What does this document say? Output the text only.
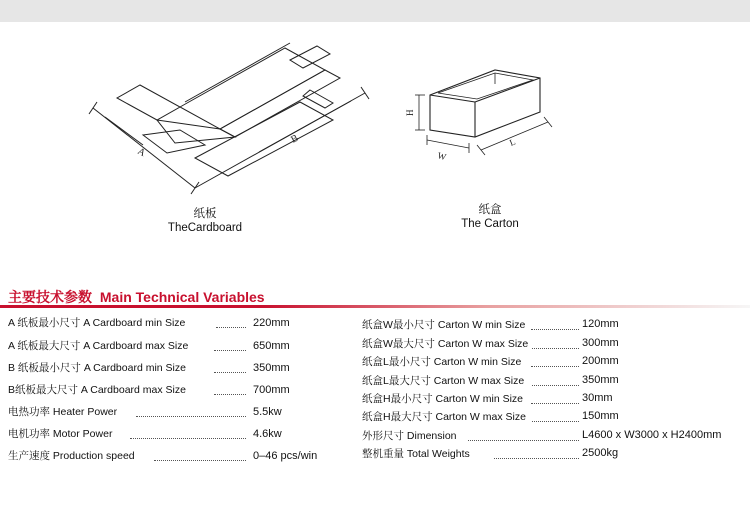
A
B
纸板
TheCardboard
H
W
L
纸盒
The Carton
主要技术参数 Main Technical Variables
A 纸板最小尺寸 A Cardboard min Size	220mm
A 纸板最大尺寸 A Cardboard max Size	650mm
B 纸板最小尺寸 A Cardboard min Size	350mm
B纸板最大尺寸 A Cardboard max Size	700mm
电热功率 Heater Power	5.5kw
电机功率 Motor Power	4.6kw
生产速度 Production speed	0–46 pcs/win
纸盒W最小尺寸 Carton W min Size	120mm
纸盒W最大尺寸 Carton W max Size	300mm
纸盒L最小尺寸 Carton W min Size	200mm
纸盒L最大尺寸 Carton W max Size	350mm
纸盒H最小尺寸 Carton W min Size	30mm
纸盒H最大尺寸 Carton W max Size	150mm
外形尺寸 Dimension	L4600 x W3000 x H2400mm
整机重量 Total Weights	2500kg
